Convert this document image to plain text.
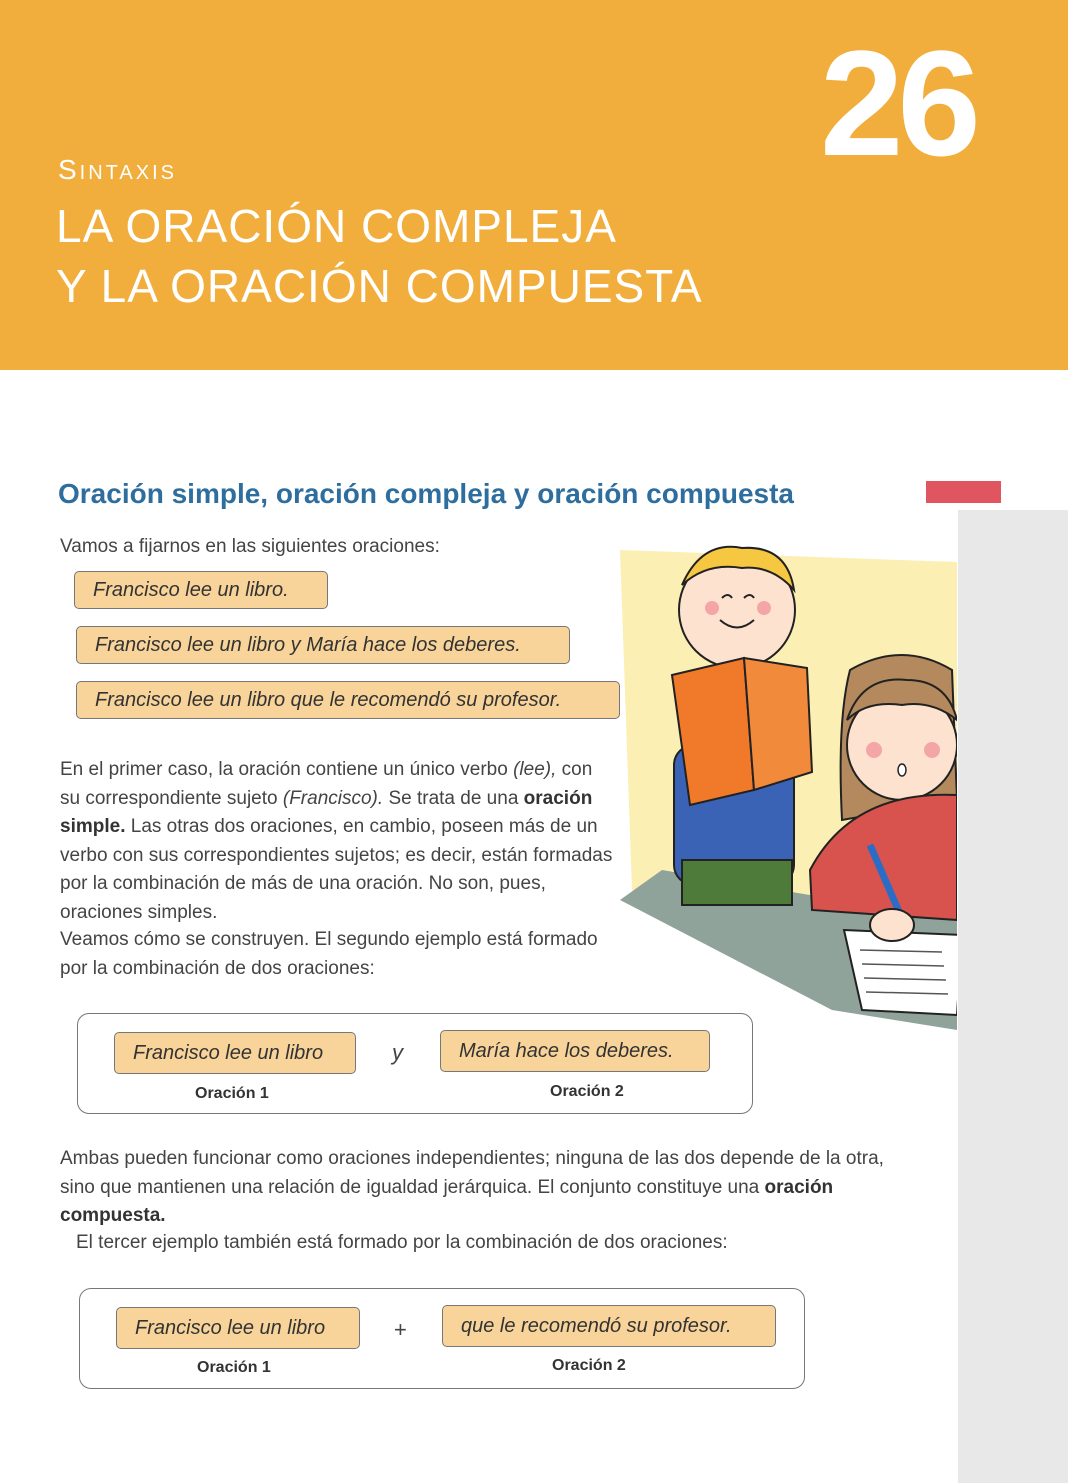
Sintaxis
LA ORACIÓN COMPLEJA
Y LA ORACIÓN COMPUESTA
26
Oración simple, oración compleja y oración compuesta
Vamos a fijarnos en las siguientes oraciones:
Francisco lee un libro.
Francisco lee un libro y María hace los deberes.
Francisco lee un libro que le recomendó su profesor.
En el primer caso, la oración contiene un único verbo (lee), con su correspondiente sujeto (Francisco). Se trata de una oración simple. Las otras dos oraciones, en cambio, poseen más de un verbo con sus correspondientes sujetos; es decir, están formadas por la combinación de más de una oración. No son, pues, oraciones simples.
Veamos cómo se construyen. El segundo ejemplo está formado por la combinación de dos oraciones:
Francisco lee un libro	y	María hace los deberes.
Oración 1	Oración 2
Ambas pueden funcionar como oraciones independientes; ninguna de las dos depende de la otra, sino que mantienen una relación de igualdad jerárquica. El conjunto constituye una oración compuesta.
El tercer ejemplo también está formado por la combinación de dos oraciones:
Francisco lee un libro	+	que le recomendó su profesor.
Oración 1	Oración 2
